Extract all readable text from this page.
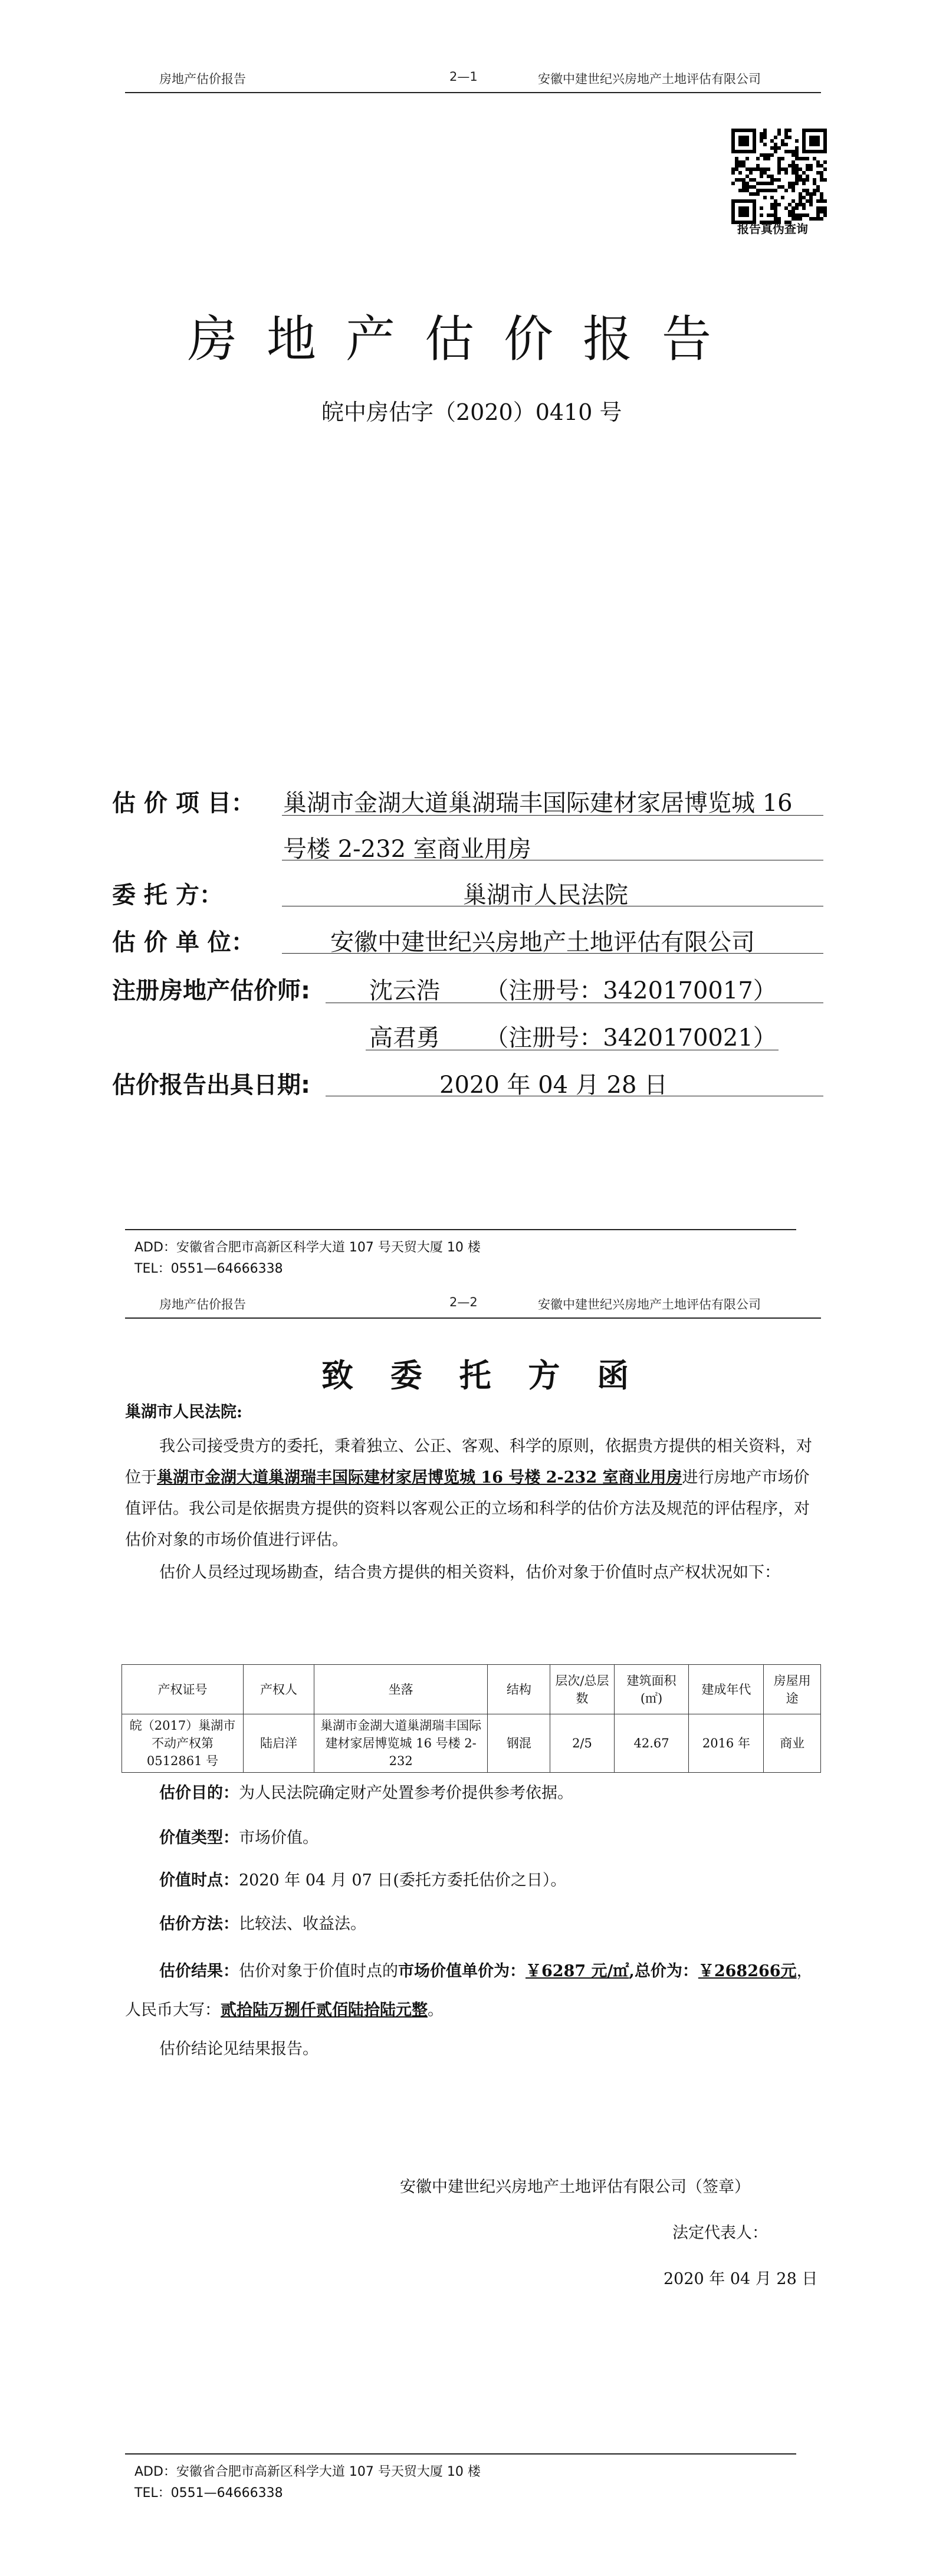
房地产估价报告	2—1	安徽中建世纪兴房地产土地评估有限公司
报告真伪查询
房地产估价报告
皖中房估字（2020）0410 号
估 价 项 目： 巢湖市金湖大道巢湖瑞丰国际建材家居博览城 16
号楼 2-232 室商业用房
委 托 方：	巢湖市人民法院
估 价 单 位：	安徽中建世纪兴房地产土地评估有限公司
注册房地产估价师:	沈云浩      （注册号：3420170017）
高君勇      （注册号：3420170021）
估价报告出具日期:	2020 年 04 月 28 日
ADD：安徽省合肥市高新区科学大道 107 号天贸大厦 10 楼
TEL：0551—64666338
房地产估价报告	2—2	安徽中建世纪兴房地产土地评估有限公司
致 委 托 方 函
巢湖市人民法院:
我公司接受贵方的委托，秉着独立、公正、客观、科学的原则，依据贵方提供的相关资料，对位于巢湖市金湖大道巢湖瑞丰国际建材家居博览城 16 号楼 2-232 室商业用房进行房地产市场价值评估。我公司是依据贵方提供的资料以客观公正的立场和科学的估价方法及规范的评估程序，对估价对象的市场价值进行评估。
估价人员经过现场勘查，结合贵方提供的相关资料，估价对象于价值时点产权状况如下：
产权证号	产权人	坐落	结构	层次/总层数	建筑面积(㎡)	建成年代	房屋用途
皖（2017）巢湖市不动产权第 0512861 号	陆启洋	巢湖市金湖大道巢湖瑞丰国际建材家居博览城 16 号楼 2-232	钢混	2/5	42.67	2016 年	商业
估价目的：为人民法院确定财产处置参考价提供参考依据。
价值类型：市场价值。
价值时点：2020 年 04 月 07 日(委托方委托估价之日）。
估价方法：比较法、收益法。
估价结果：估价对象于价值时点的市场价值单价为：￥6287 元/㎡,总价为：￥268266元，人民币大写：贰拾陆万捌仟贰佰陆拾陆元整。
估价结论见结果报告。
安徽中建世纪兴房地产土地评估有限公司（签章）
法定代表人：
2020 年 04 月 28 日
ADD：安徽省合肥市高新区科学大道 107 号天贸大厦 10 楼
TEL：0551—64666338
